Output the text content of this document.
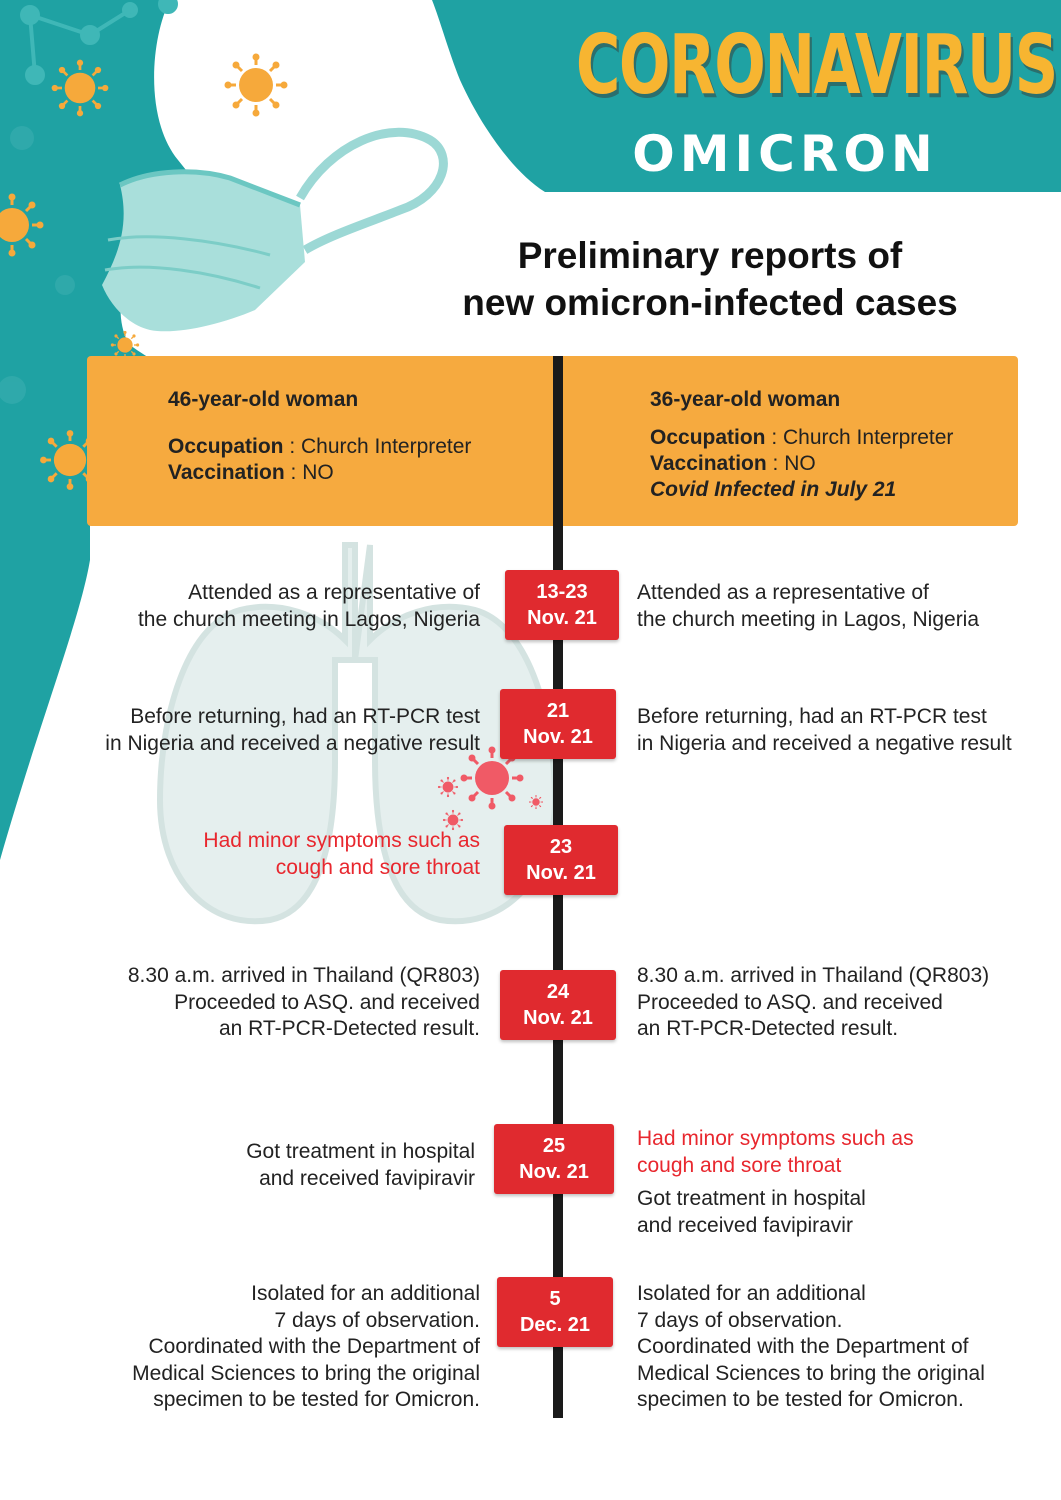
CORONAVIRUS
OMICRON
Preliminary reports of
new omicron-infected cases
46-year-old woman
Occupation : Church Interpreter
Vaccination : NO
36-year-old woman
Occupation : Church Interpreter
Vaccination : NO
Covid Infected in July 21
Attended as a representative of
the church meeting in Lagos, Nigeria
13-23
Nov. 21
Attended as a representative of
the church meeting in Lagos, Nigeria
Before returning, had an RT-PCR test
in Nigeria and received a negative result
21
Nov. 21
Before returning, had an RT-PCR test
in Nigeria and received a negative result
Had minor symptoms such as
cough and sore throat
23
Nov. 21
8.30 a.m. arrived in Thailand (QR803)
Proceeded to ASQ. and received
an RT-PCR-Detected result.
24
Nov. 21
8.30 a.m. arrived in Thailand (QR803)
Proceeded to ASQ. and received
an RT-PCR-Detected result.
Got treatment in hospital
and received favipiravir
25
Nov. 21
Had minor symptoms such as
cough and sore throat
Got treatment in hospital
and received favipiravir
Isolated for an additional
7 days of observation.
Coordinated with the Department of
Medical Sciences to bring the original
specimen to be tested for Omicron.
5
Dec. 21
Isolated for an additional
7 days of observation.
Coordinated with the Department of
Medical Sciences to bring the original
specimen to be tested for Omicron.
